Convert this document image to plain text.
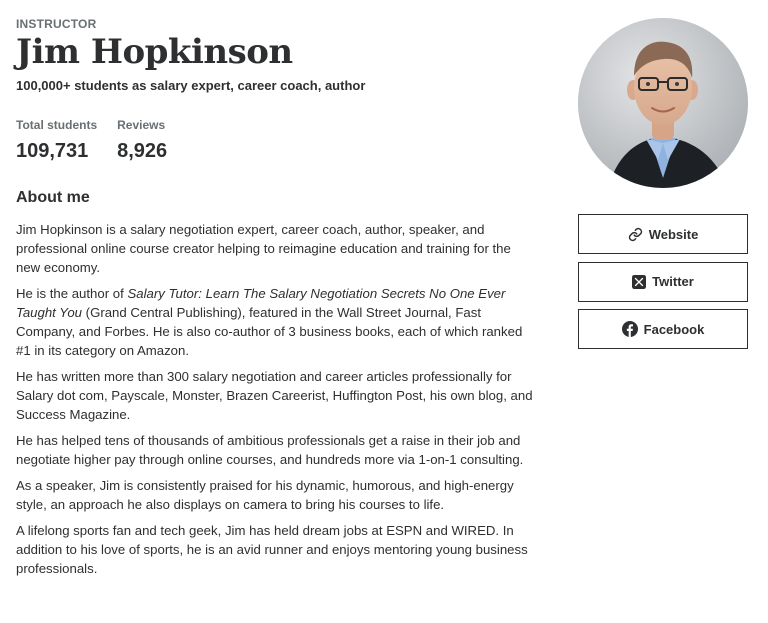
INSTRUCTOR
Jim Hopkinson
100,000+ students as salary expert, career coach, author
Total students
109,731
Reviews
8,926
About me

Jim Hopkinson is a salary negotiation expert, career coach, author, speaker, and professional online course creator helping to reimagine education and training for the new economy.

He is the author of Salary Tutor: Learn The Salary Negotiation Secrets No One Ever Taught You (Grand Central Publishing), featured in the Wall Street Journal, Fast Company, and Forbes. He is also co-author of 3 business books, each of which ranked #1 in its category on Amazon.

He has written more than 300 salary negotiation and career articles professionally for Salary dot com, Payscale, Monster, Brazen Careerist, Huffington Post, his own blog, and Success Magazine.

He has helped tens of thousands of ambitious professionals get a raise in their job and negotiate higher pay through online courses, and hundreds more via 1-on-1 consulting.

As a speaker, Jim is consistently praised for his dynamic, humorous, and high-energy style, an approach he also displays on camera to bring his courses to life.

A lifelong sports fan and tech geek, Jim has held dream jobs at ESPN and WIRED. In addition to his love of sports, he is an avid runner and enjoys mentoring young business professionals.

Website
Twitter
Facebook
